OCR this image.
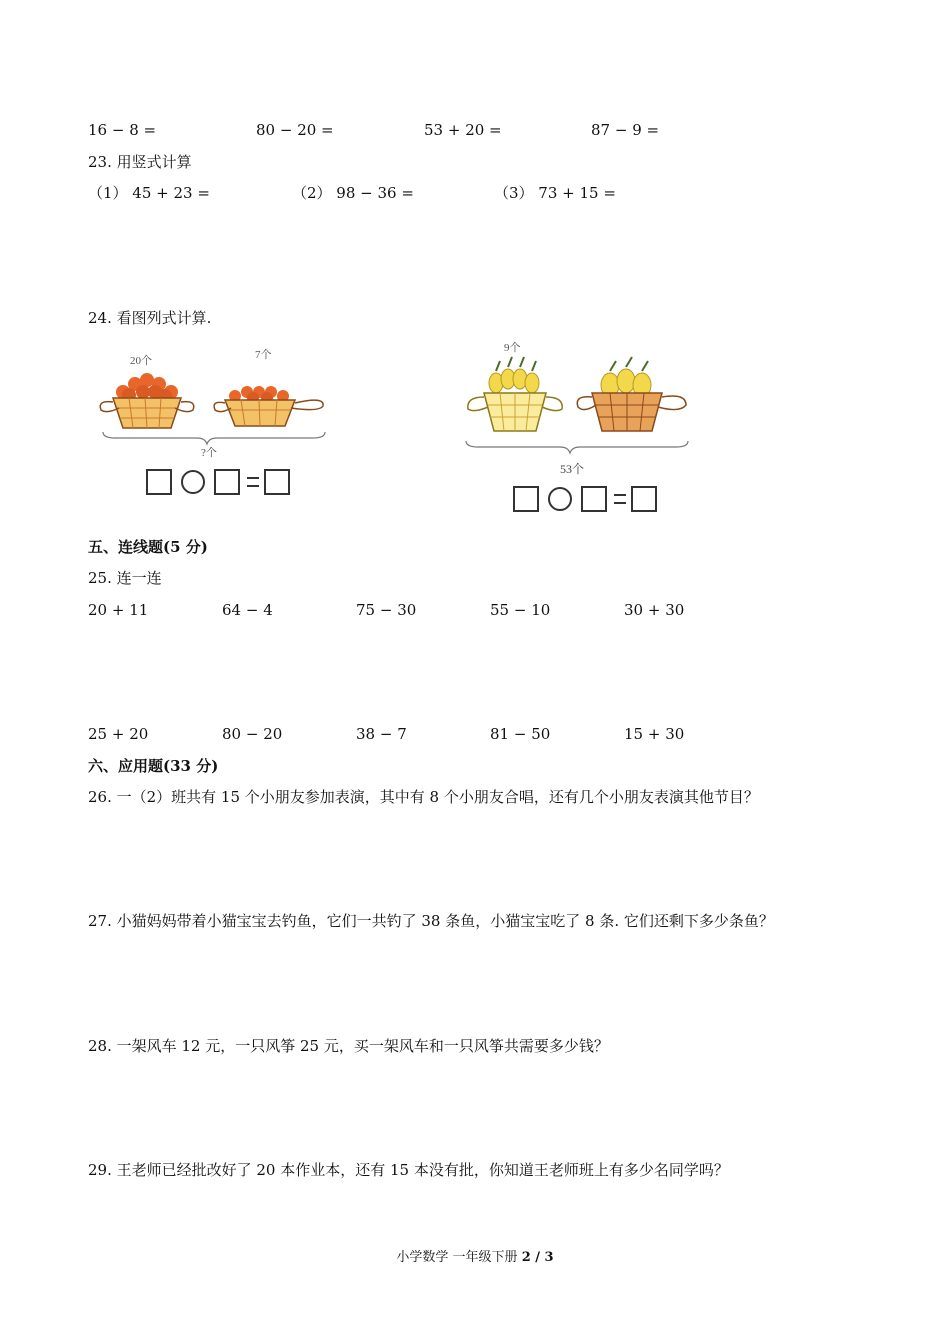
16 − 8 =	80 − 20 =	53 + 20 =	87 − 9 =
23. 用竖式计算
（1） 45 + 23 =	（2） 98 − 36 =	（3） 73 + 15 =
24. 看图列式计算.
20个	7个
?个
9个
53个
五、连线题(5 分)
25. 连一连
20 + 11	64 − 4	75 − 30	55 − 10	30 + 30
25 + 20	80 − 20	38 − 7	81 − 50	15 + 30
六、应用题(33 分)
26. 一（2）班共有 15 个小朋友参加表演，其中有 8 个小朋友合唱，还有几个小朋友表演其他节目？
27. 小猫妈妈带着小猫宝宝去钓鱼，它们一共钓了 38 条鱼，小猫宝宝吃了 8 条. 它们还剩下多少条鱼？
28. 一架风车 12 元，一只风筝 25 元，买一架风车和一只风筝共需要多少钱？
29. 王老师已经批改好了 20 本作业本，还有 15 本没有批，你知道王老师班上有多少名同学吗？
小学数学 一年级下册 2 / 3
